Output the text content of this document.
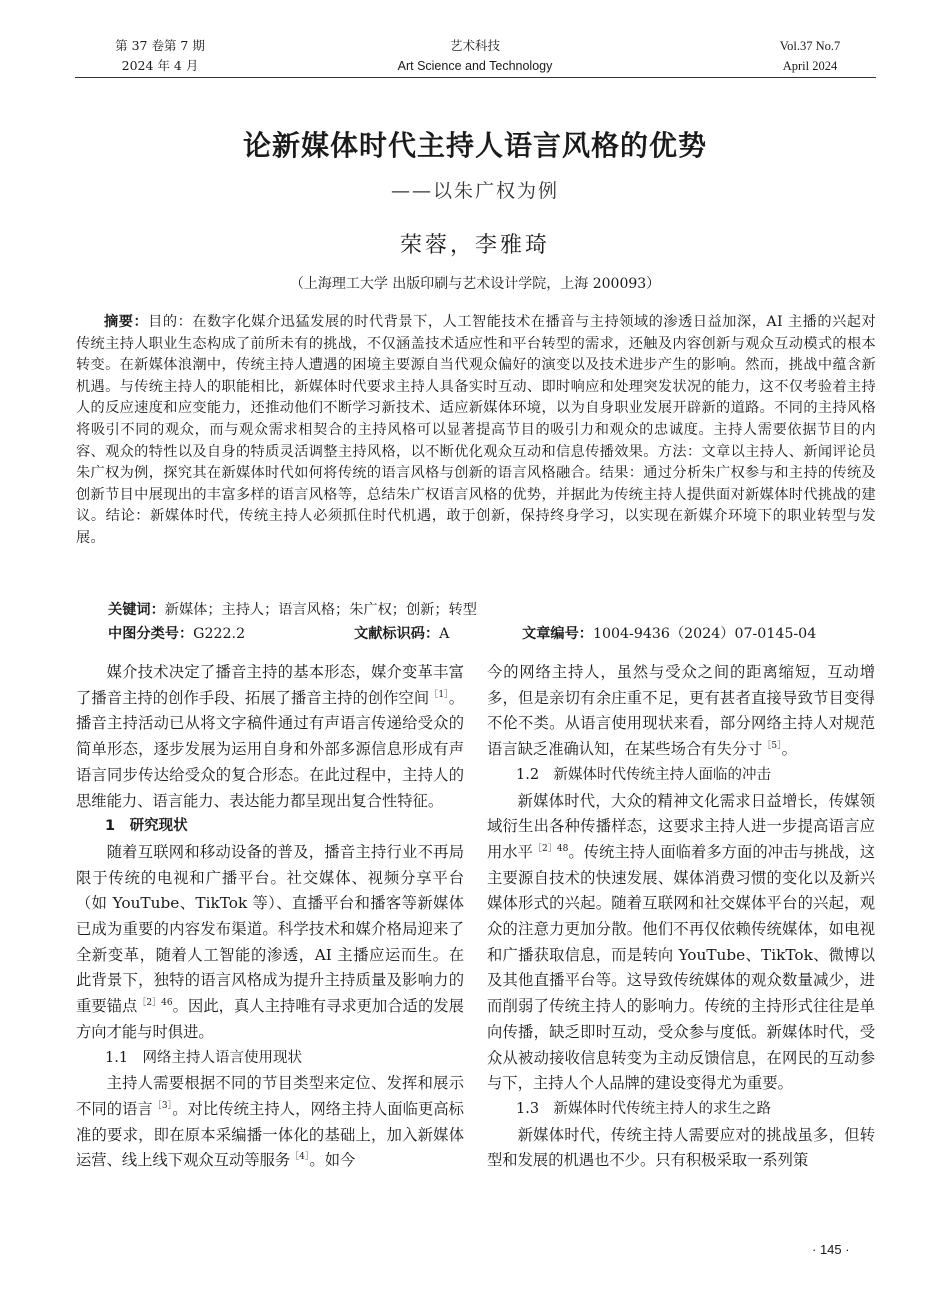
第 37 卷第 7 期
2024 年 4 月
艺术科技
Art Science and Technology
Vol.37 No.7
April 2024
论新媒体时代主持人语言风格的优势
——以朱广权为例
荣蓉，李雅琦
（上海理工大学 出版印刷与艺术设计学院，上海 200093）
摘要：目的：在数字化媒介迅猛发展的时代背景下，人工智能技术在播音与主持领域的渗透日益加深，AI 主播的兴起对传统主持人职业生态构成了前所未有的挑战，不仅涵盖技术适应性和平台转型的需求，还触及内容创新与观众互动模式的根本转变。在新媒体浪潮中，传统主持人遭遇的困境主要源自当代观众偏好的演变以及技术进步产生的影响。然而，挑战中蕴含新机遇。与传统主持人的职能相比，新媒体时代要求主持人具备实时互动、即时响应和处理突发状况的能力，这不仅考验着主持人的反应速度和应变能力，还推动他们不断学习新技术、适应新媒体环境，以为自身职业发展开辟新的道路。不同的主持风格将吸引不同的观众，而与观众需求相契合的主持风格可以显著提高节目的吸引力和观众的忠诚度。主持人需要依据节目的内容、观众的特性以及自身的特质灵活调整主持风格，以不断优化观众互动和信息传播效果。方法：文章以主持人、新闻评论员朱广权为例，探究其在新媒体时代如何将传统的语言风格与创新的语言风格融合。结果：通过分析朱广权参与和主持的传统及创新节目中展现出的丰富多样的语言风格等，总结朱广权语言风格的优势，并据此为传统主持人提供面对新媒体时代挑战的建议。结论：新媒体时代，传统主持人必须抓住时代机遇，敢于创新，保持终身学习，以实现在新媒介环境下的职业转型与发展。
关键词：新媒体；主持人；语言风格；朱广权；创新；转型
中图分类号：G222.2	文献标识码：A	文章编号：1004-9436（2024）07-0145-04

媒介技术决定了播音主持的基本形态，媒介变革丰富了播音主持的创作手段、拓展了播音主持的创作空间$^{[1]}$。播音主持活动已从将文字稿件通过有声语言传递给受众的简单形态，逐步发展为运用自身和外部多源信息形成有声语言同步传达给受众的复合形态。在此过程中，主持人的思维能力、语言能力、表达能力都呈现出复合性特征。

1　研究现状

随着互联网和移动设备的普及，播音主持行业不再局限于传统的电视和广播平台。社交媒体、视频分享平台（如 YouTube、TikTok 等）、直播平台和播客等新媒体已成为重要的内容发布渠道。科学技术和媒介格局迎来了全新变革，随着人工智能的渗透，AI 主播应运而生。在此背景下，独特的语言风格成为提升主持质量及影响力的重要锚点$^{[2]46}$。因此，真人主持唯有寻求更加合适的发展方向才能与时俱进。

1.1　网络主持人语言使用现状

主持人需要根据不同的节目类型来定位、发挥和展示不同的语言$^{[3]}$。对比传统主持人，网络主持人面临更高标准的要求，即在原本采编播一体化的基础上，加入新媒体运营、线上线下观众互动等服务$^{[4]}$。如今

今的网络主持人，虽然与受众之间的距离缩短，互动增多，但是亲切有余庄重不足，更有甚者直接导致节目变得不伦不类。从语言使用现状来看，部分网络主持人对规范语言缺乏准确认知，在某些场合有失分寸$^{[5]}$。

1.2　新媒体时代传统主持人面临的冲击

新媒体时代，大众的精神文化需求日益增长，传媒领域衍生出各种传播样态，这要求主持人进一步提高语言应用水平$^{[2]48}$。传统主持人面临着多方面的冲击与挑战，这主要源自技术的快速发展、媒体消费习惯的变化以及新兴媒体形式的兴起。随着互联网和社交媒体平台的兴起，观众的注意力更加分散。他们不再仅依赖传统媒体，如电视和广播获取信息，而是转向 YouTube、TikTok、微博以及其他直播平台等。这导致传统媒体的观众数量减少，进而削弱了传统主持人的影响力。传统的主持形式往往是单向传播，缺乏即时互动，受众参与度低。新媒体时代，受众从被动接收信息转变为主动反馈信息，在网民的互动参与下，主持人个人品牌的建设变得尤为重要。

1.3　新媒体时代传统主持人的求生之路

新媒体时代，传统主持人需要应对的挑战虽多，但转型和发展的机遇也不少。只有积极采取一系列策

· 145 ·
